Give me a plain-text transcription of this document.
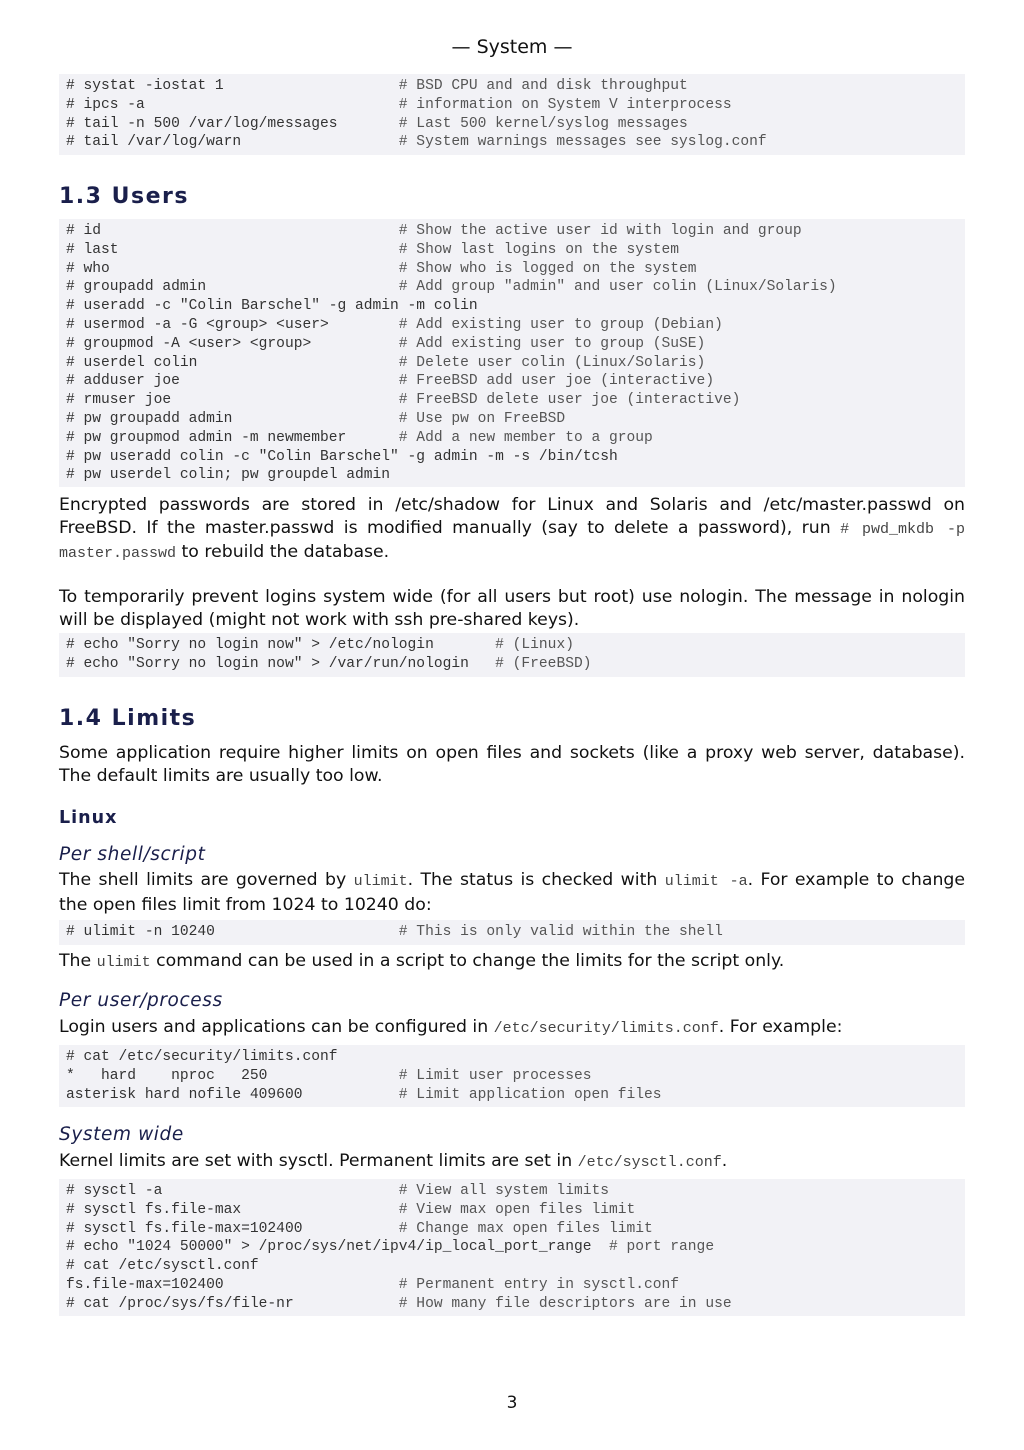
— System —
# systat -iostat 1                    # BSD CPU and and disk throughput
# ipcs -a                             # information on System V interprocess
# tail -n 500 /var/log/messages       # Last 500 kernel/syslog messages
# tail /var/log/warn                  # System warnings messages see syslog.conf
1.3 Users
# id                                  # Show the active user id with login and group
# last                                # Show last logins on the system
# who                                 # Show who is logged on the system
# groupadd admin                      # Add group "admin" and user colin (Linux/Solaris)
# useradd -c "Colin Barschel" -g admin -m colin
# usermod -a -G <group> <user>        # Add existing user to group (Debian)
# groupmod -A <user> <group>          # Add existing user to group (SuSE)
# userdel colin                       # Delete user colin (Linux/Solaris)
# adduser joe                         # FreeBSD add user joe (interactive)
# rmuser joe                          # FreeBSD delete user joe (interactive)
# pw groupadd admin                   # Use pw on FreeBSD
# pw groupmod admin -m newmember      # Add a new member to a group
# pw useradd colin -c "Colin Barschel" -g admin -m -s /bin/tcsh
# pw userdel colin; pw groupdel admin

Encrypted passwords are stored in /etc/shadow for Linux and Solaris and /etc/master.passwd on FreeBSD. If the master.passwd is modified manually (say to delete a password), run # pwd_mkdb -p master.passwd to rebuild the database.

To temporarily prevent logins system wide (for all users but root) use nologin. The message in nologin will be displayed (might not work with ssh pre-shared keys).

# echo "Sorry no login now" > /etc/nologin       # (Linux)
# echo "Sorry no login now" > /var/run/nologin   # (FreeBSD)
1.4 Limits

Some application require higher limits on open files and sockets (like a proxy web server, database). The default limits are usually too low.

Linux
Per shell/script

The shell limits are governed by ulimit. The status is checked with ulimit -a. For example to change the open files limit from 1024 to 10240 do:

# ulimit -n 10240                     # This is only valid within the shell

The ulimit command can be used in a script to change the limits for the script only.

Per user/process

Login users and applications can be configured in /etc/security/limits.conf. For example:

# cat /etc/security/limits.conf
*   hard    nproc   250               # Limit user processes
asterisk hard nofile 409600           # Limit application open files
System wide

Kernel limits are set with sysctl. Permanent limits are set in /etc/sysctl.conf.

# sysctl -a                           # View all system limits
# sysctl fs.file-max                  # View max open files limit
# sysctl fs.file-max=102400           # Change max open files limit
# echo "1024 50000" > /proc/sys/net/ipv4/ip_local_port_range  # port range
# cat /etc/sysctl.conf
fs.file-max=102400                    # Permanent entry in sysctl.conf
# cat /proc/sys/fs/file-nr            # How many file descriptors are in use
3
